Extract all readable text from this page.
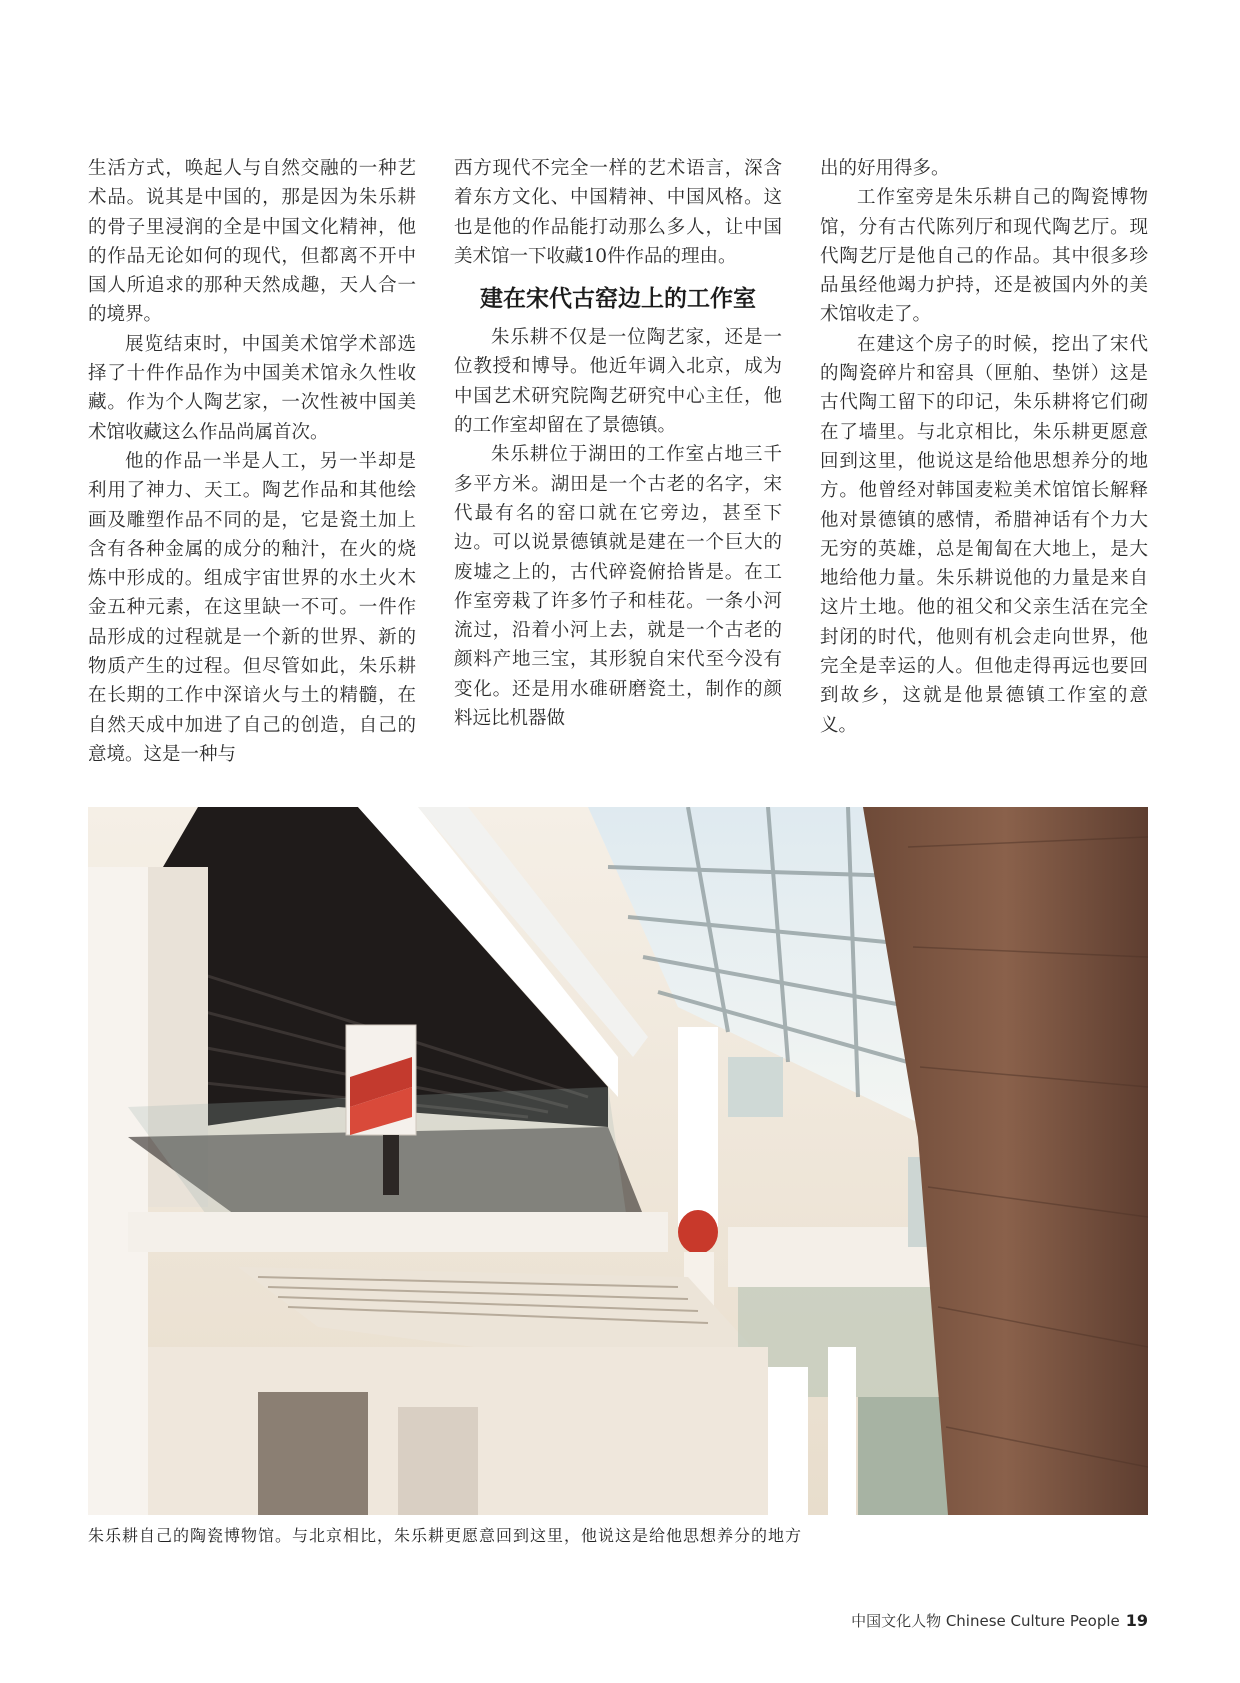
生活方式，唤起人与自然交融的一种艺术品。说其是中国的，那是因为朱乐耕的骨子里浸润的全是中国文化精神，他的作品无论如何的现代，但都离不开中国人所追求的那种天然成趣，天人合一的境界。

展览结束时，中国美术馆学术部选择了十件作品作为中国美术馆永久性收藏。作为个人陶艺家，一次性被中国美术馆收藏这么作品尚属首次。

他的作品一半是人工，另一半却是利用了神力、天工。陶艺作品和其他绘画及雕塑作品不同的是，它是瓷土加上含有各种金属的成分的釉汁，在火的烧炼中形成的。组成宇宙世界的水土火木金五种元素，在这里缺一不可。一件作品形成的过程就是一个新的世界、新的物质产生的过程。但尽管如此，朱乐耕在长期的工作中深谙火与土的精髓，在自然天成中加进了自己的创造，自己的意境。这是一种与

西方现代不完全一样的艺术语言，深含着东方文化、中国精神、中国风格。这也是他的作品能打动那么多人，让中国美术馆一下收藏10件作品的理由。

建在宋代古窑边上的工作室

朱乐耕不仅是一位陶艺家，还是一位教授和博导。他近年调入北京，成为中国艺术研究院陶艺研究中心主任，他的工作室却留在了景德镇。

朱乐耕位于湖田的工作室占地三千多平方米。湖田是一个古老的名字，宋代最有名的窑口就在它旁边，甚至下边。可以说景德镇就是建在一个巨大的废墟之上的，古代碎瓷俯拾皆是。在工作室旁栽了许多竹子和桂花。一条小河流过，沿着小河上去，就是一个古老的颜料产地三宝，其形貌自宋代至今没有变化。还是用水碓研磨瓷土，制作的颜料远比机器做

出的好用得多。

工作室旁是朱乐耕自己的陶瓷博物馆，分有古代陈列厅和现代陶艺厅。现代陶艺厅是他自己的作品。其中很多珍品虽经他竭力护持，还是被国内外的美术馆收走了。

在建这个房子的时候，挖出了宋代的陶瓷碎片和窑具（匣舶、垫饼）这是古代陶工留下的印记，朱乐耕将它们砌在了墙里。与北京相比，朱乐耕更愿意回到这里，他说这是给他思想养分的地方。他曾经对韩国麦粒美术馆馆长解释他对景德镇的感情，希腊神话有个力大无穷的英雄，总是匍匐在大地上，是大地给他力量。朱乐耕说他的力量是来自这片土地。他的祖父和父亲生活在完全封闭的时代，他则有机会走向世界，他完全是幸运的人。但他走得再远也要回到故乡，这就是他景德镇工作室的意义。

朱乐耕自己的陶瓷博物馆。与北京相比，朱乐耕更愿意回到这里，他说这是给他思想养分的地方
中国文化人物 Chinese Culture People 19
